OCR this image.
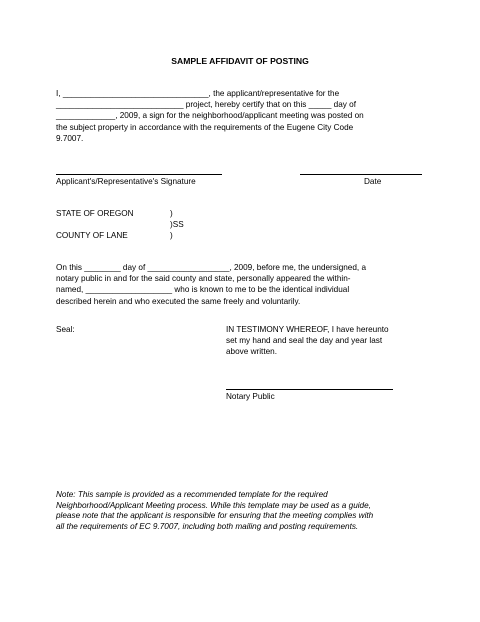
SAMPLE AFFIDAVIT OF POSTING
I, ________________________________, the applicant/representative for the
____________________________ project, hereby certify that on this _____ day of
_____________, 2009, a sign for the neighborhood/applicant meeting was posted on
the subject property in accordance with the requirements of the Eugene City Code
9.7007.
Applicant's/Representative's Signature	Date
STATE OF OREGON	)
)SS
COUNTY OF LANE	)
On this ________ day of __________________, 2009, before me, the undersigned, a
notary public in and for the said county and state, personally appeared the within-
named, ___________________ who is known to me to be the identical individual
described herein and who executed the same freely and voluntarily.
Seal:	IN TESTIMONY WHEREOF, I have hereunto
set my hand and seal the day and year last
above written.
Notary Public
Note: This sample is provided as a recommended template for the required
Neighborhood/Applicant Meeting process. While this template may be used as a guide,
please note that the applicant is responsible for ensuring that the meeting complies with
all the requirements of EC 9.7007, including both mailing and posting requirements.
